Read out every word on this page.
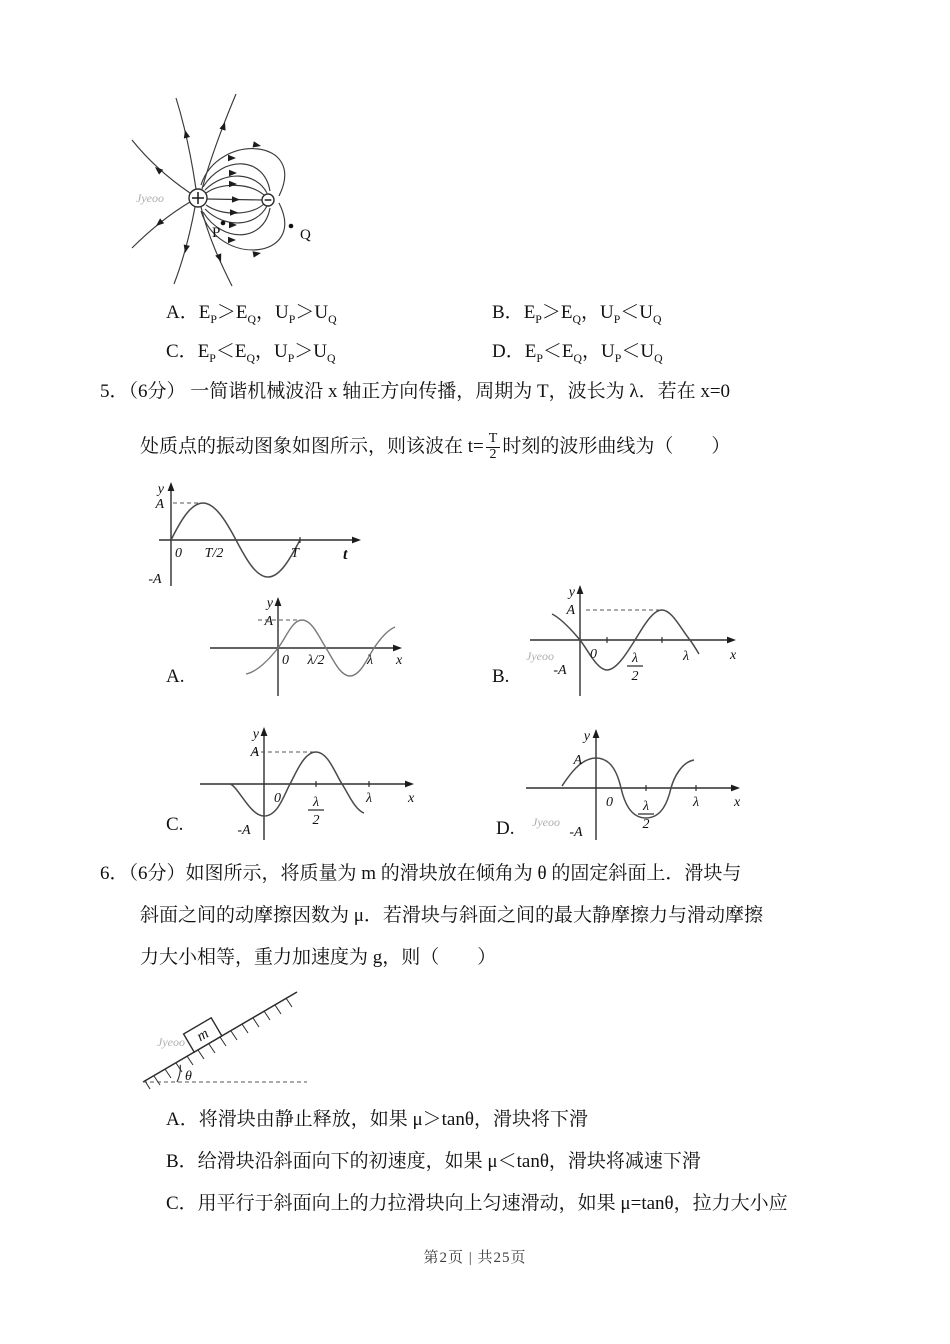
Jyeoo
P	Q
A．$E_P>E_Q$，$U_P>U_Q$	B．$E_P>E_Q$，$U_P<U_Q$
C．$E_P<E_Q$，$U_P>U_Q$	D．$E_P<E_Q$，$U_P<U_Q$
5．（6分） 一简谐机械波沿 x 轴正方向传播，周期为 T，波长为 λ．若在 x=0
处质点的振动图象如图所示，则该波在 $t= \frac{T}{2}$ 时刻的波形曲线为（　　）
y
A
0 T/2	T	t
-A
A.
y
A
0 λ/2	λ x
B.
Jyeoo
y
A
0 λ
2
λ	x
-A
C.
y
A
0 λ
2
λ	x
-A	D. Jyeoo
y
A
0 λ
2
λ x
-A
6．（6分）如图所示，将质量为 m 的滑块放在倾角为 θ 的固定斜面上．滑块与
斜面之间的动摩擦因数为 μ．若滑块与斜面之间的最大静摩擦力与滑动摩擦
力大小相等，重力加速度为 g，则（　　）
Jyeoo
θ
m
A．将滑块由静止释放，如果 μ＞tanθ，滑块将下滑
B．给滑块沿斜面向下的初速度，如果 μ＜tanθ，滑块将减速下滑
C．用平行于斜面向上的力拉滑块向上匀速滑动，如果 μ=tanθ，拉力大小应
第2页 | 共25页
